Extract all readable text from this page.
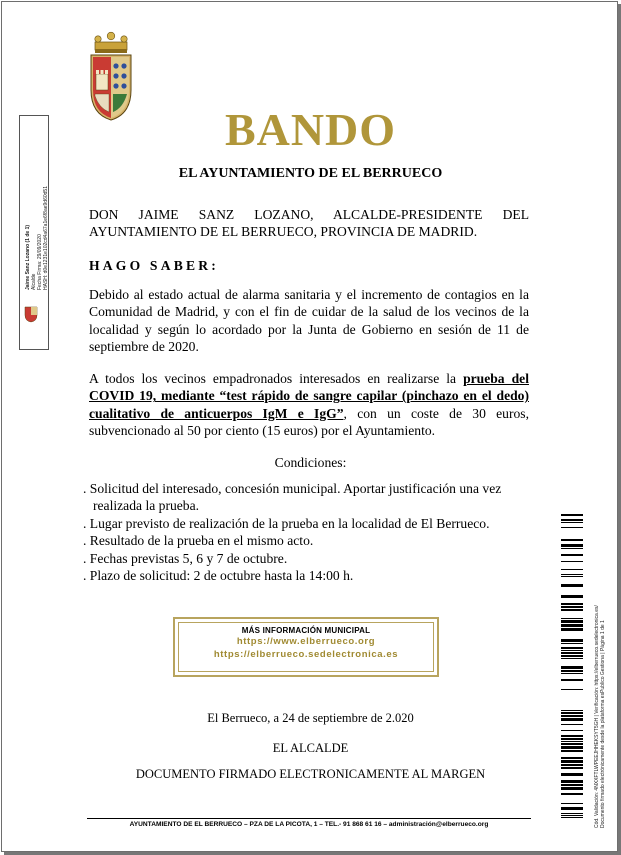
BANDO
EL AYUNTAMIENTO DE EL BERRUECO
DON JAIME SANZ LOZANO, ALCALDE-PRESIDENTE DEL AYUNTAMIENTO DE EL BERRUECO, PROVINCIA DE MADRID.
HAGO SABER:
Debido al estado actual de alarma sanitaria y el incremento de contagios en la Comunidad de Madrid, y con el fin de cuidar de la salud de los vecinos de la localidad y según lo acordado por la Junta de Gobierno en sesión de 11 de septiembre de 2020.
A todos los vecinos empadronados interesados en realizarse la prueba del COVID 19, mediante “test rápido de sangre capilar (pinchazo en el dedo) cualitativo de anticuerpos IgM e IgG”, con un coste de 30 euros, subvencionado al 50 por ciento (15 euros) por el Ayuntamiento.
Condiciones:
. Solicitud del interesado, concesión municipal. Aportar justificación una vez realizada la prueba.
. Lugar previsto de realización de la prueba en la localidad de El Berrueco.
. Resultado de la prueba en el mismo acto.
. Fechas previstas 5, 6 y 7 de octubre.
. Plazo de solicitud: 2 de octubre hasta la 14:00 h.
MÁS INFORMACIÓN MUNICIPAL
https://www.elberrueco.org
https://elberrueco.sedelectronica.es
El Berrueco, a 24 de septiembre de 2.020
EL ALCALDE
DOCUMENTO FIRMADO ELECTRONICAMENTE AL MARGEN
AYUNTAMIENTO DE EL BERRUECO – PZA DE LA PICOTA, 1 – TEL.- 91 868 61 16 – administración@elberrueco.org
Jaime Sanz Lozano (1 de 1) Alcalde Fecha Firma: 29/09/2020 HASH: d0e1231e102cd4a67a1e6f8ae9d60d51
Cód. Validación: 4NXXFTLWPEEJHHEKSYT5GH | Verificación: https://elberrueco.sedelectronica.es/ Documento firmado electrónicamente desde la plataforma esPublico Gestiona | Página 1 de 1
